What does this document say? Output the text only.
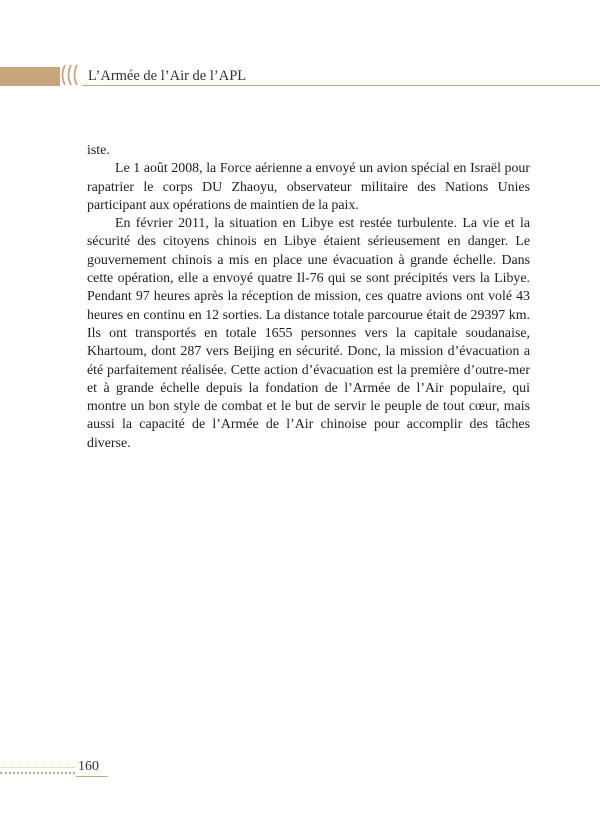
L’Armée de l’Air de l’APL

iste.

Le 1 août 2008, la Force aérienne a envoyé un avion spécial en Israël pour rapatrier le corps DU Zhaoyu, observateur militaire des Nations Unies participant aux opérations de maintien de la paix.

En février 2011, la situation en Libye est restée turbulente. La vie et la sécurité des citoyens chinois en Libye étaient sérieusement en danger. Le gouvernement chinois a mis en place une évacuation à grande échelle. Dans cette opération, elle a envoyé quatre Il-76 qui se sont précipités vers la Libye. Pendant 97 heures après la réception de mission, ces quatre avions ont volé 43 heures en continu en 12 sorties. La distance totale parcourue était de 29397 km. Ils ont transportés en totale 1655 personnes vers la capitale soudanaise, Khartoum, dont 287 vers Beijing en sécurité. Donc, la mission d’évacuation a été parfaitement réalisée. Cette action d’évacuation est la première d’outre-mer et à grande échelle depuis la fondation de l’Armée de l’Air populaire, qui montre un bon style de combat et le but de servir le peuple de tout cœur, mais aussi la capacité de l’Armée de l’Air chinoise pour accomplir des tâches diverse.

160
